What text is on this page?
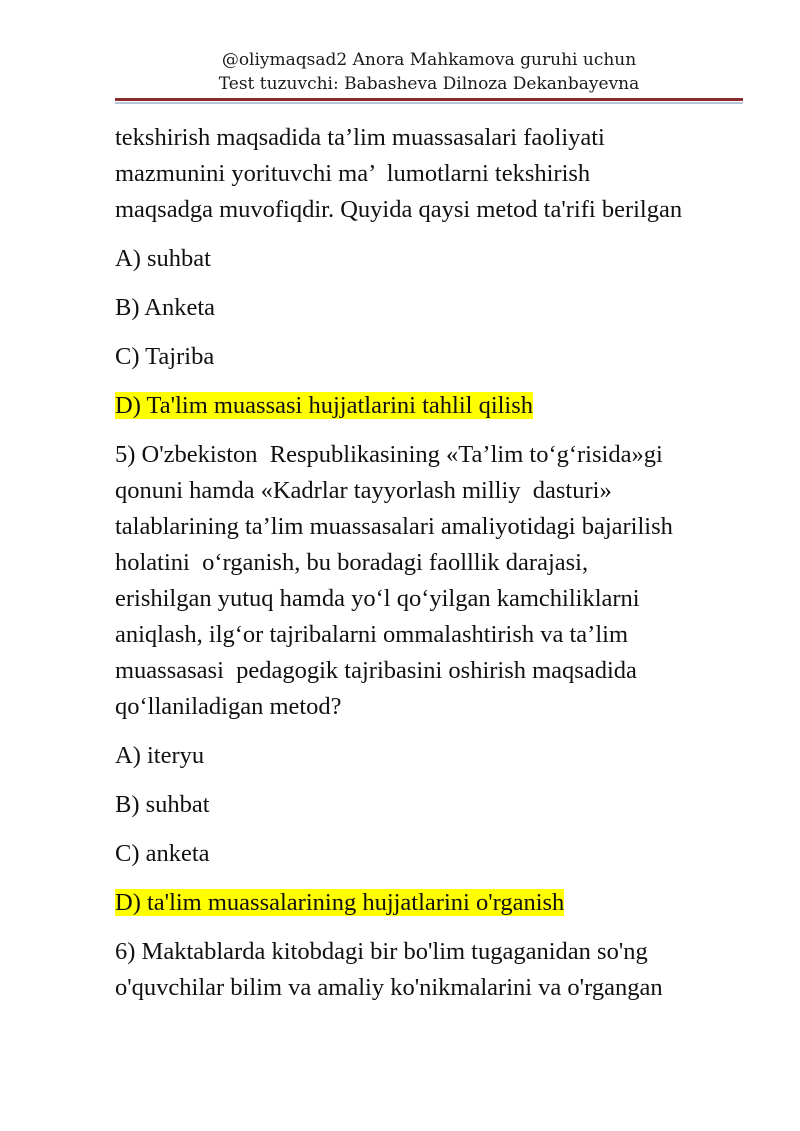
@oliymaqsad2 Anora Mahkamova guruhi uchun
Test tuzuvchi: Babasheva Dilnoza Dekanbayevna
tekshirish maqsadida ta’lim muassasalari faoliyati
mazmunini yorituvchi ma’  lumotlarni tekshirish
maqsadga muvofiqdir. Quyida qaysi metod ta'rifi berilgan
A) suhbat
B) Anketa
C) Tajriba
D) Ta'lim muassasi hujjatlarini tahlil qilish
5) O'zbekiston  Respublikasining «Ta’lim to‘g‘risida»gi
qonuni hamda «Kadrlar tayyorlash milliy  dasturi»
talablarining ta’lim muassasalari amaliyotidagi bajarilish
holatini  o‘rganish, bu boradagi faolllik darajasi,
erishilgan yutuq hamda yo‘l qo‘yilgan kamchiliklarni
aniqlash, ilg‘or tajribalarni ommalashtirish va ta’lim
muassasasi  pedagogik tajribasini oshirish maqsadida
qo‘llaniladigan metod?
A) iteryu
B) suhbat
C) anketa
D) ta'lim muassalarining hujjatlarini o'rganish
6) Maktablarda kitobdagi bir bo'lim tugaganidan so'ng
o'quvchilar bilim va amaliy ko'nikmalarini va o'rgangan
